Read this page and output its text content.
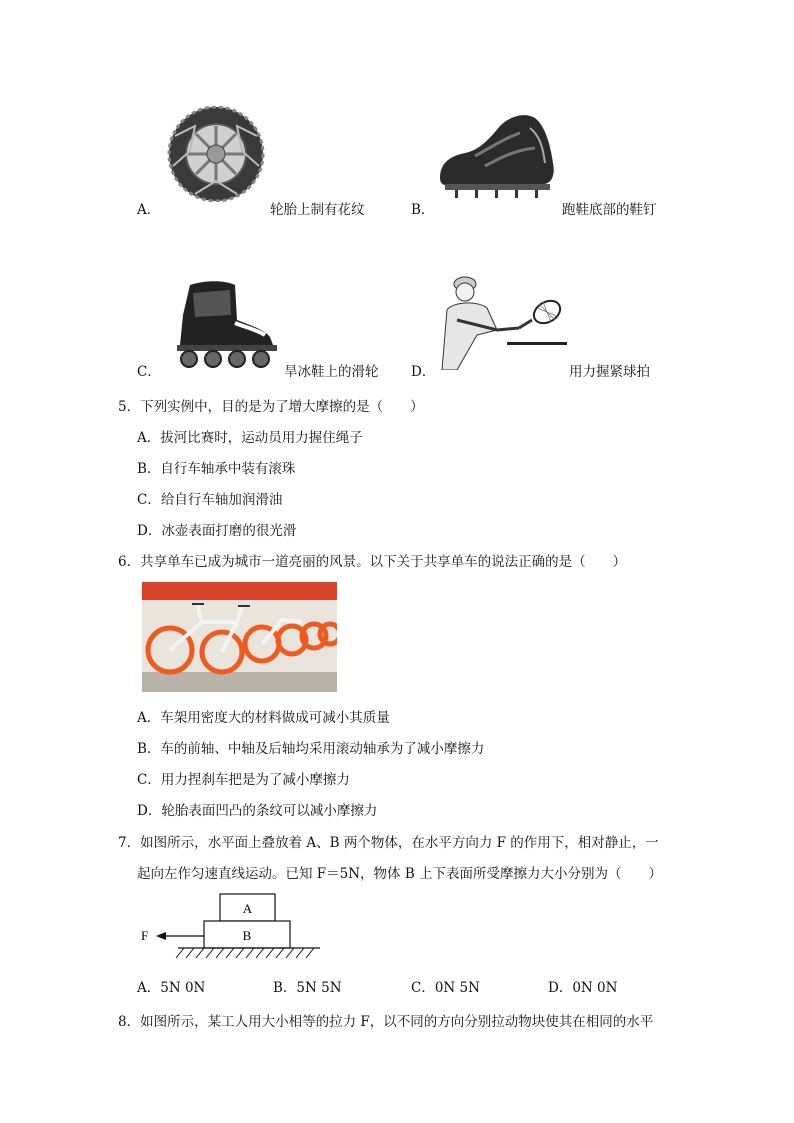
A．	轮胎上制有花纹	B．	跑鞋底部的鞋钉
C．	旱冰鞋上的滑轮 D．	用力握紧球拍
5．下列实例中，目的是为了增大摩擦的是（　　）
A．拔河比赛时，运动员用力握住绳子
B．自行车轴承中装有滚珠
C．给自行车轴加润滑油
D．冰壶表面打磨的很光滑
6．共享单车已成为城市一道亮丽的风景。以下关于共享单车的说法正确的是（　　）
A．车架用密度大的材料做成可减小其质量
B．车的前轴、中轴及后轴均采用滚动轴承为了减小摩擦力
C．用力捏刹车把是为了减小摩擦力
D．轮胎表面凹凸的条纹可以减小摩擦力
7．如图所示，水平面上叠放着 A、B 两个物体，在水平方向力 F 的作用下，相对静止，一
起向左作匀速直线运动。已知 F＝5N，物体 B 上下表面所受摩擦力大小分别为（　　）
A
B
F
A．5N 0N	B．5N 5N	C．0N 5N	D．0N 0N
8．如图所示，某工人用大小相等的拉力 F，以不同的方向分别拉动物块使其在相同的水平
